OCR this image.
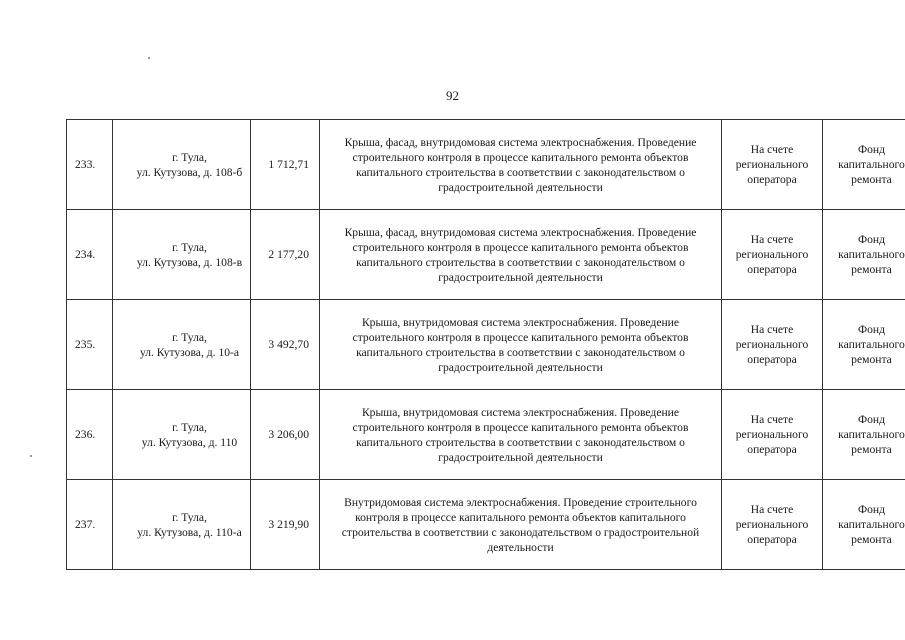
92
233.	г. Тула,
ул. Кутузова, д. 108-б	1 712,71	Крыша, фасад, внутридомовая система электроснабжения. Проведение строительного контроля в процессе капитального ремонта объектов капитального строительства в соответствии с законодательством о градостроительной деятельности	На счете регионального оператора	Фонд капитального ремонта
234.	г. Тула,
ул. Кутузова, д. 108-в	2 177,20	Крыша, фасад, внутридомовая система электроснабжения. Проведение строительного контроля в процессе капитального ремонта объектов капитального строительства в соответствии с законодательством о градостроительной деятельности	На счете регионального оператора	Фонд капитального ремонта
235.	г. Тула,
ул. Кутузова, д. 10-а	3 492,70	Крыша, внутридомовая система электроснабжения. Проведение строительного контроля в процессе капитального ремонта объектов капитального строительства в соответствии с законодательством о градостроительной деятельности	На счете регионального оператора	Фонд капитального ремонта
236.	г. Тула,
ул. Кутузова, д. 110	3 206,00	Крыша, внутридомовая система электроснабжения. Проведение строительного контроля в процессе капитального ремонта объектов капитального строительства в соответствии с законодательством о градостроительной деятельности	На счете регионального оператора	Фонд капитального ремонта
237.	г. Тула,
ул. Кутузова, д. 110-а	3 219,90	Внутридомовая система электроснабжения. Проведение строительного контроля в процессе капитального ремонта объектов капитального строительства в соответствии с законодательством о градостроительной деятельности	На счете регионального оператора	Фонд капитального ремонта
